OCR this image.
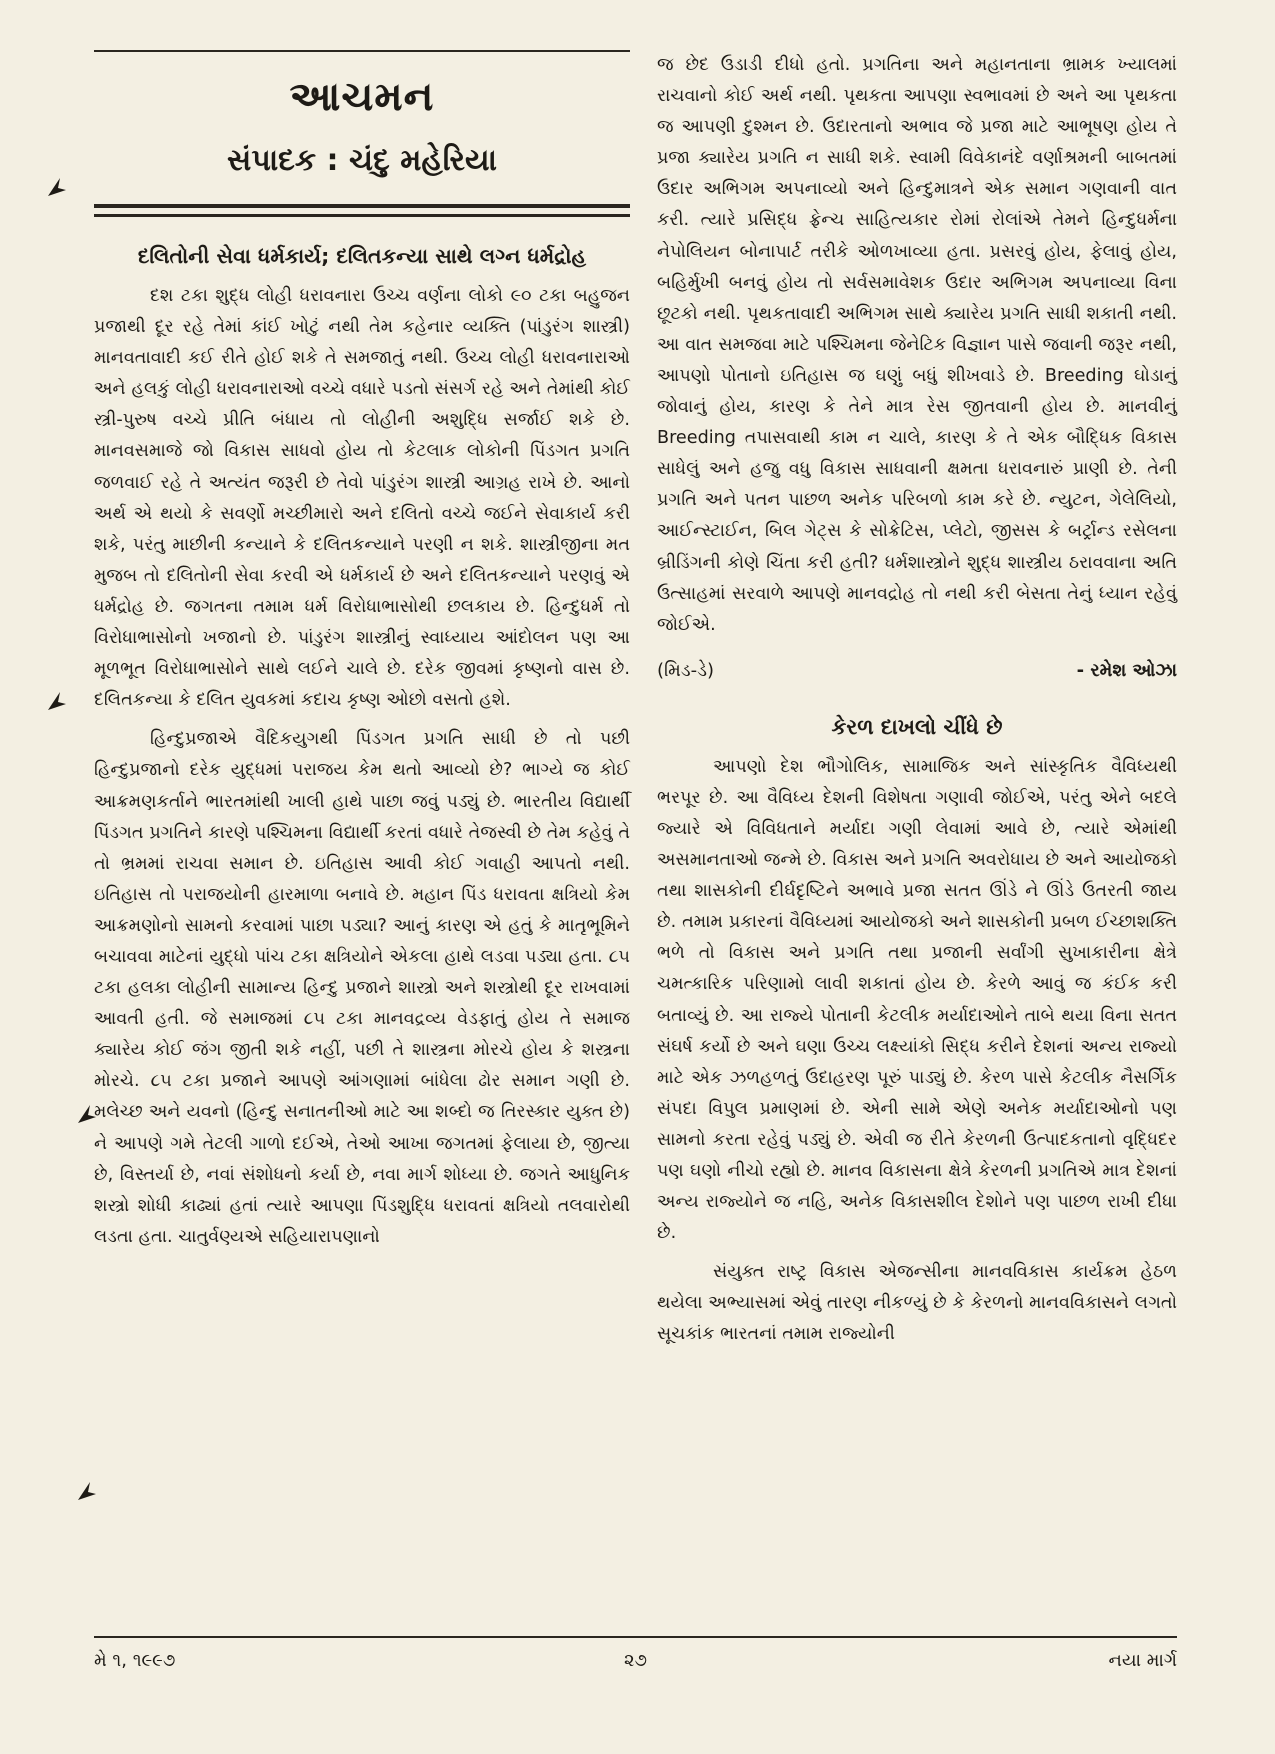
આચમન
સંપાદક : ચંદુ મહેરિયા
દલિતોની સેવા ધર્મકાર્ય; દલિતકન્યા સાથે લગ્ન ધર્મદ્રોહ

દશ ટકા શુદ્ધ લોહી ધરાવનારા ઉચ્ચ વર્ણના લોકો ૯૦ ટકા બહુજન પ્રજાથી દૂર રહે તેમાં કાંઈ ખોટું નથી તેમ કહેનાર વ્યક્તિ (પાંડુરંગ શાસ્ત્રી) માનવતાવાદી કઈ રીતે હોઈ શકે તે સમજાતું નથી. ઉચ્ચ લોહી ધરાવનારાઓ અને હલકું લોહી ધરાવનારાઓ વચ્ચે વધારે પડતો સંસર્ગ રહે અને તેમાંથી કોઈ સ્ત્રી-પુરુષ વચ્ચે પ્રીતિ બંધાય તો લોહીની અશુદ્ધિ સર્જાઈ શકે છે. માનવસમાજે જો વિકાસ સાધવો હોય તો કેટલાક લોકોની પિંડગત પ્રગતિ જળવાઈ રહે તે અત્યંત જરૂરી છે તેવો પાંડુરંગ શાસ્ત્રી આગ્રહ રાખે છે. આનો અર્થ એ થયો કે સવર્ણો મચ્છીમારો અને દલિતો વચ્ચે જઈને સેવાકાર્ય કરી શકે, પરંતુ માછીની કન્યાને કે દલિતકન્યાને પરણી ન શકે. શાસ્ત્રીજીના મત મુજબ તો દલિતોની સેવા કરવી એ ધર્મકાર્ય છે અને દલિતકન્યાને પરણવું એ ધર્મદ્રોહ છે. જગતના તમામ ધર્મ વિરોધાભાસોથી છલકાય છે. હિન્દુધર્મ તો વિરોધાભાસોનો ખજાનો છે. પાંડુરંગ શાસ્ત્રીનું સ્વાધ્યાય આંદોલન પણ આ મૂળભૂત વિરોધાભાસોને સાથે લઈને ચાલે છે. દરેક જીવમાં કૃષ્ણનો વાસ છે. દલિતકન્યા કે દલિત યુવકમાં કદાચ કૃષ્ણ ઓછો વસતો હશે.

હિન્દુપ્રજાએ વૈદિકયુગથી પિંડગત પ્રગતિ સાધી છે તો પછી હિન્દુપ્રજાનો દરેક યુદ્ધમાં પરાજય કેમ થતો આવ્યો છે? ભાગ્યે જ કોઈ આક્રમણકર્તાને ભારતમાંથી ખાલી હાથે પાછા જવું પડ્યું છે. ભારતીય વિદ્યાર્થી પિંડગત પ્રગતિને કારણે પશ્ચિમના વિદ્યાર્થી કરતાં વધારે તેજસ્વી છે તેમ કહેવું તે તો ભ્રમમાં રાચવા સમાન છે. ઇતિહાસ આવી કોઈ ગવાહી આપતો નથી. ઇતિહાસ તો પરાજયોની હારમાળા બનાવે છે. મહાન પિંડ ધરાવતા ક્ષત્રિયો કેમ આક્રમણોનો સામનો કરવામાં પાછા પડ્યા? આનું કારણ એ હતું કે માતૃભૂમિને બચાવવા માટેનાં યુદ્ધો પાંચ ટકા ક્ષત્રિયોને એકલા હાથે લડવા પડ્યા હતા. ૮૫ ટકા હલકા લોહીની સામાન્ય હિન્દુ પ્રજાને શાસ્ત્રો અને શસ્ત્રોથી દૂર રાખવામાં આવતી હતી. જે સમાજમાં ૮૫ ટકા માનવદ્રવ્ય વેડફાતું હોય તે સમાજ ક્યારેય કોઈ જંગ જીતી શકે નહીં, પછી તે શાસ્ત્રના મોરચે હોય કે શસ્ત્રના મોરચે. ૮૫ ટકા પ્રજાને આપણે આંગણામાં બાંધેલા ઢોર સમાન ગણી છે. મલેચ્છ અને યવનો (હિન્દુ સનાતનીઓ માટે આ શબ્દો જ તિરસ્કાર યુક્ત છે) ને આપણે ગમે તેટલી ગાળો દઈએ, તેઓ આખા જગતમાં ફેલાયા છે, જીત્યા છે, વિસ્તર્યા છે, નવાં સંશોધનો કર્યા છે, નવા માર્ગ શોધ્યા છે. જગતે આધુનિક શસ્ત્રો શોધી કાઢ્યાં હતાં ત્યારે આપણા પિંડશુદ્ધિ ધરાવતાં ક્ષત્રિયો તલવારોથી લડતા હતા. ચાતુર્વણ્યએ સહિયારાપણાનો

જ છેદ ઉડાડી દીધો હતો. પ્રગતિના અને મહાનતાના ભ્રામક ખ્યાલમાં રાચવાનો કોઈ અર્થ નથી. પૃથકતા આપણા સ્વભાવમાં છે અને આ પૃથકતા જ આપણી દુશ્મન છે. ઉદારતાનો અભાવ જે પ્રજા માટે આભૂષણ હોય તે પ્રજા ક્યારેય પ્રગતિ ન સાધી શકે. સ્વામી વિવેકાનંદે વર્ણાશ્રમની બાબતમાં ઉદાર અભિગમ અપનાવ્યો અને હિન્દુમાત્રને એક સમાન ગણવાની વાત કરી. ત્યારે પ્રસિદ્ધ ફ્રેન્ચ સાહિત્યકાર રોમાં રોલાંએ તેમને હિન્દુધર્મના નેપોલિયન બોનાપાર્ટ તરીકે ઓળખાવ્યા હતા. પ્રસરવું હોય, ફેલાવું હોય, બહિર્મુખી બનવું હોય તો સર્વસમાવેશક ઉદાર અભિગમ અપનાવ્યા વિના છૂટકો નથી. પૃથકતાવાદી અભિગમ સાથે ક્યારેય પ્રગતિ સાધી શકાતી નથી. આ વાત સમજવા માટે પશ્ચિમના જેનેટિક વિજ્ઞાન પાસે જવાની જરૂર નથી, આપણો પોતાનો ઇતિહાસ જ ઘણું બધું શીખવાડે છે. Breeding ઘોડાનું જોવાનું હોય, કારણ કે તેને માત્ર રેસ જીતવાની હોય છે. માનવીનું Breeding તપાસવાથી કામ ન ચાલે, કારણ કે તે એક બૌદ્ધિક વિકાસ સાધેલું અને હજુ વધુ વિકાસ સાધવાની ક્ષમતા ધરાવનારું પ્રાણી છે. તેની પ્રગતિ અને પતન પાછળ અનેક પરિબળો કામ કરે છે. ન્યુટન, ગેલેલિયો, આઈન્સ્ટાઈન, બિલ ગેટ્સ કે સોક્રેટિસ, પ્લેટો, જીસસ કે બર્ટ્રાન્ડ રસેલના બ્રીડિંગની કોણે ચિંતા કરી હતી? ધર્મશાસ્ત્રોને શુદ્ધ શાસ્ત્રીય ઠરાવવાના અતિ ઉત્સાહમાં સરવાળે આપણે માનવદ્રોહ તો નથી કરી બેસતા તેનું ધ્યાન રહેવું જોઈએ.

(મિડ-ડે)	- રમેશ ઓઝા
કેરળ દાખલો ચીંધે છે

આપણો દેશ ભૌગોલિક, સામાજિક અને સાંસ્કૃતિક વૈવિધ્યથી ભરપૂર છે. આ વૈવિધ્ય દેશની વિશેષતા ગણાવી જોઈએ, પરંતુ એને બદલે જ્યારે એ વિવિધતાને મર્યાદા ગણી લેવામાં આવે છે, ત્યારે એમાંથી અસમાનતાઓ જન્મે છે. વિકાસ અને પ્રગતિ અવરોધાય છે અને આયોજકો તથા શાસકોની દીર્ઘદૃષ્ટિને અભાવે પ્રજા સતત ઊંડે ને ઊંડે ઉતરતી જાય છે. તમામ પ્રકારનાં વૈવિધ્યમાં આયોજકો અને શાસકોની પ્રબળ ઈચ્છાશક્તિ ભળે તો વિકાસ અને પ્રગતિ તથા પ્રજાની સર્વાંગી સુખાકારીના ક્ષેત્રે ચમત્કારિક પરિણામો લાવી શકાતાં હોય છે. કેરળે આવું જ કંઈક કરી બતાવ્યું છે. આ રાજ્યે પોતાની કેટલીક મર્યાદાઓને તાબે થયા વિના સતત સંઘર્ષ કર્યો છે અને ઘણા ઉચ્ચ લક્ષ્યાંકો સિદ્ધ કરીને દેશનાં અન્ય રાજ્યો માટે એક ઝળહળતું ઉદાહરણ પૂરું પાડ્યું છે. કેરળ પાસે કેટલીક નૈસર્ગિક સંપદા વિપુલ પ્રમાણમાં છે. એની સામે એણે અનેક મર્યાદાઓનો પણ સામનો કરતા રહેવું પડ્યું છે. એવી જ રીતે કેરળની ઉત્પાદકતાનો વૃદ્ધિદર પણ ઘણો નીચો રહ્યો છે. માનવ વિકાસના ક્ષેત્રે કેરળની પ્રગતિએ માત્ર દેશનાં અન્ય રાજ્યોને જ નહિ, અનેક વિકાસશીલ દેશોને પણ પાછળ રાખી દીધા છે.

સંયુક્ત રાષ્ટ્ર વિકાસ એજન્સીના માનવવિકાસ કાર્યક્રમ હેઠળ થયેલા અભ્યાસમાં એવું તારણ નીકળ્યું છે કે કેરળનો માનવવિકાસને લગતો સૂચકાંક ભારતનાં તમામ રાજ્યોની

મે ૧, ૧૯૯૭	૨૭	નયા માર્ગ
